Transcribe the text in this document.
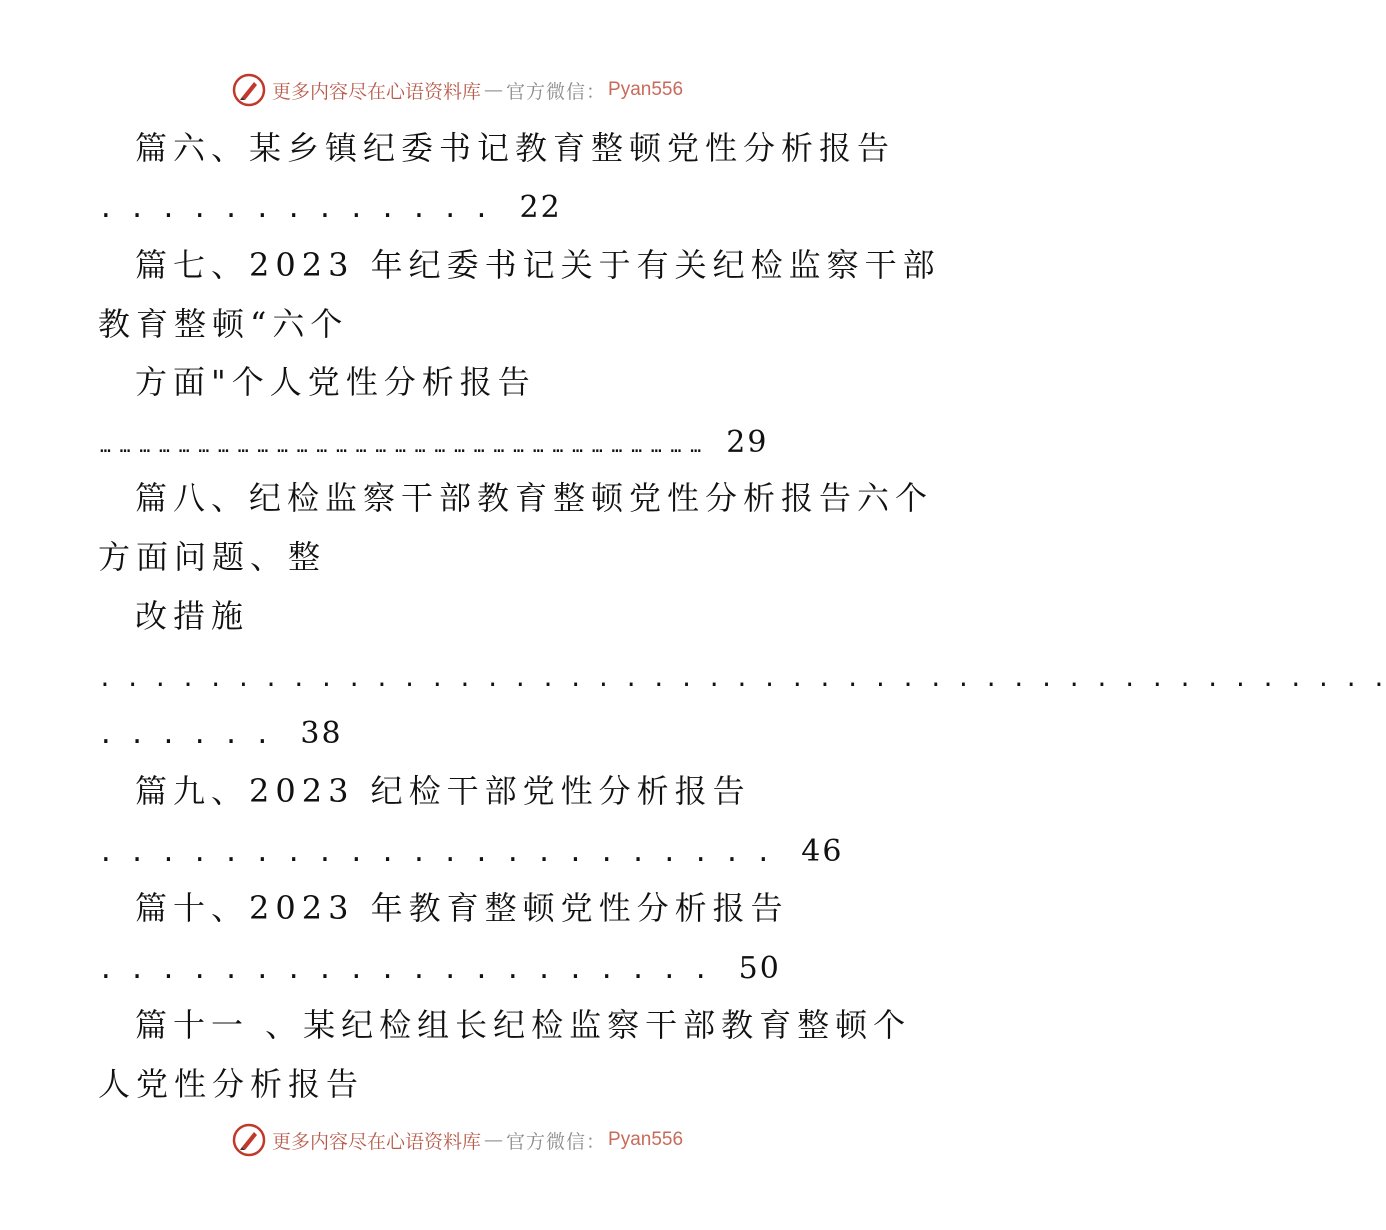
更多内容尽在心语资料库 — 官方微信： Pyan556
篇六、某乡镇纪委书记教育整顿党性分析报告
. . . . . . . . . . . . . 22
篇七、2023 年纪委书记关于有关纪检监察干部
教育整顿“六个
方面"个人党性分析报告
… … … … … … … … … … … … … … … … … … … … … … … … … … … … … … … 29
篇八、纪检监察干部教育整顿党性分析报告六个
方面问题、整
改措施
. . . . . . . . . . . . . . . . . . . . . . . . . . . . . . . . . . . . . . . . . . . . . . .
. . . . . . 38
篇九、2023 纪检干部党性分析报告
. . . . . . . . . . . . . . . . . . . . . . 46
篇十、2023 年教育整顿党性分析报告
. . . . . . . . . . . . . . . . . . . . 50
篇十一 、某纪检组长纪检监察干部教育整顿个
人党性分析报告
更多内容尽在心语资料库 — 官方微信： Pyan556
